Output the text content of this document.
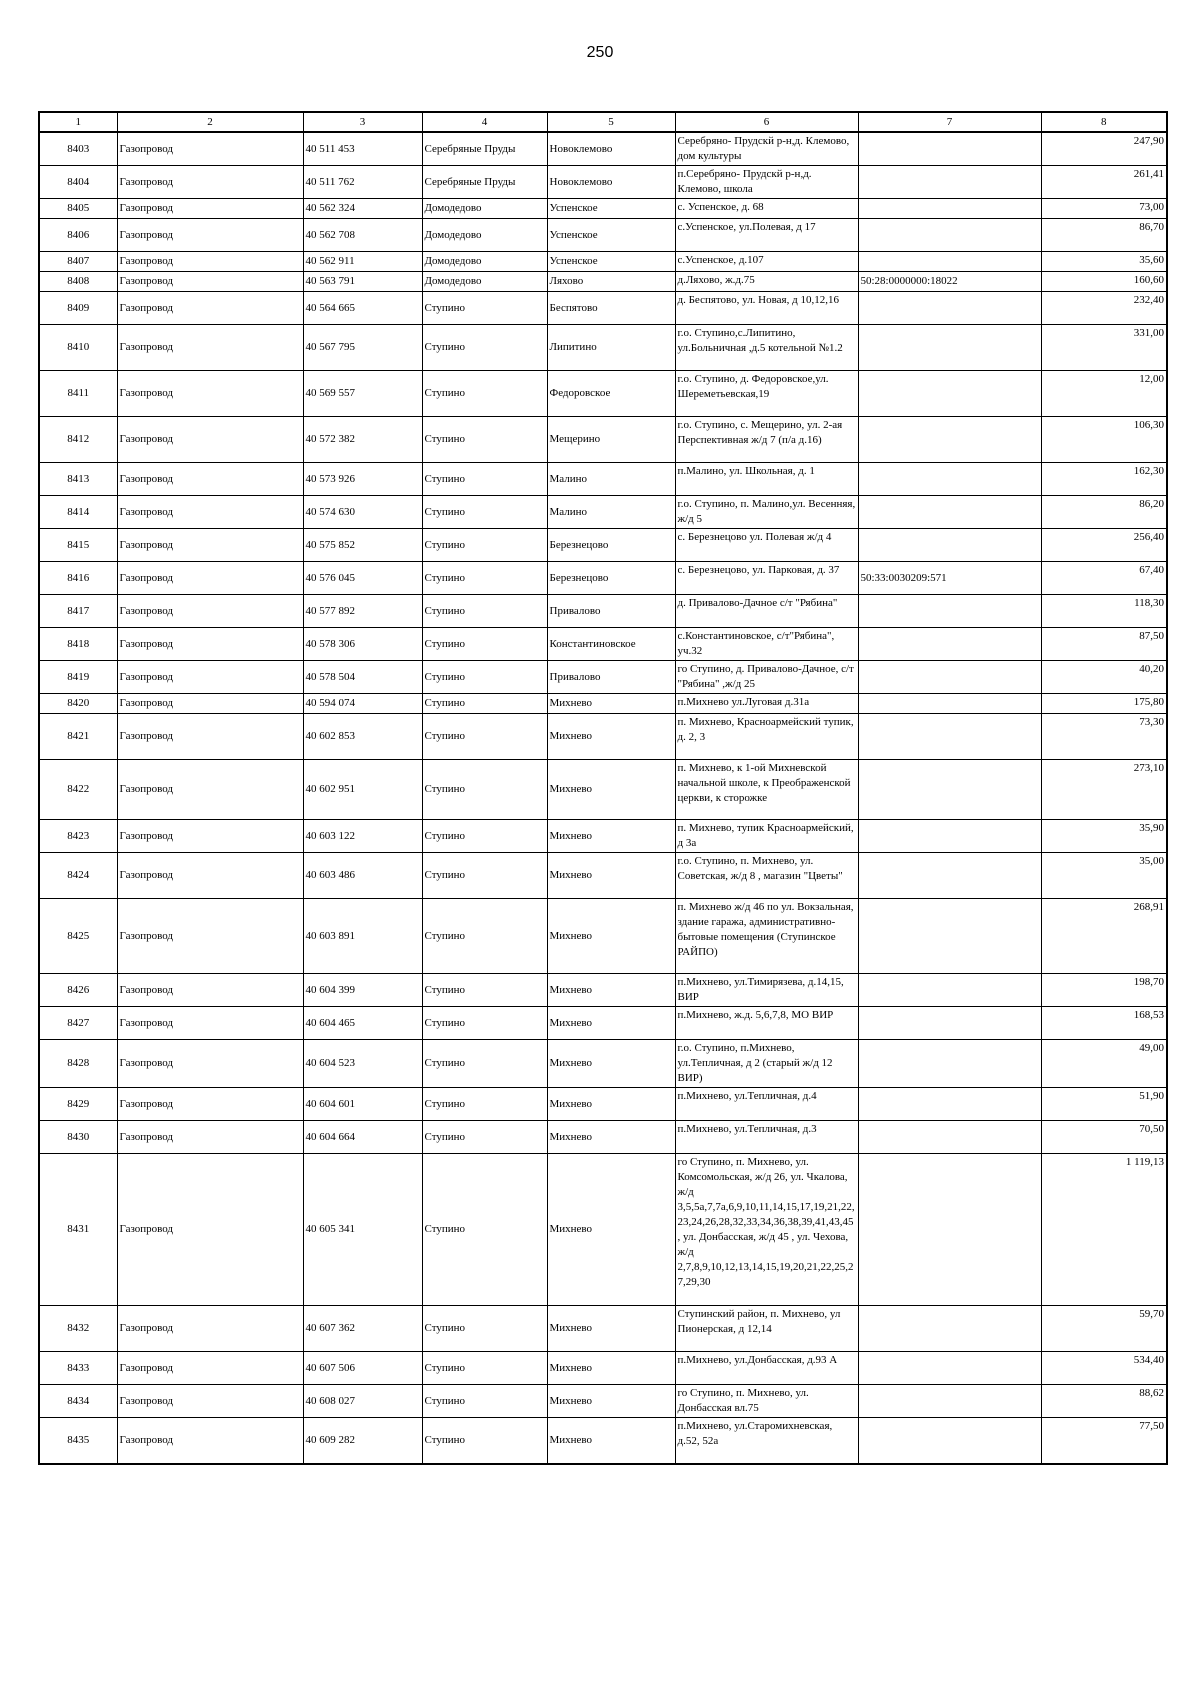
250
1	2	3	4	5	6	7	8
8403	Газопровод	40 511 453	Серебряные Пруды	Новоклемово	Серебряно- Прудскй р-н,д. Клемово, дом культуры		247,90
8404	Газопровод	40 511 762	Серебряные Пруды	Новоклемово	п.Серебряно- Прудскй р-н,д. Клемово, школа		261,41
8405	Газопровод	40 562 324	Домодедово	Успенское	с. Успенское, д. 68		73,00
8406	Газопровод	40 562 708	Домодедово	Успенское	с.Успенское, ул.Полевая, д 17		86,70
8407	Газопровод	40 562 911	Домодедово	Успенское	с.Успенское, д.107		35,60
8408	Газопровод	40 563 791	Домодедово	Ляхово	д.Ляхово, ж.д.75	50:28:0000000:18022	160,60
8409	Газопровод	40 564 665	Ступино	Беспятово	д. Беспятово, ул. Новая, д 10,12,16		232,40
8410	Газопровод	40 567 795	Ступино	Липитино	г.о. Ступино,с.Липитино, ул.Больничная ,д.5 котельной №1.2		331,00
8411	Газопровод	40 569 557	Ступино	Федоровское	г.о. Ступино, д. Федоровское,ул. Шереметьевская,19		12,00
8412	Газопровод	40 572 382	Ступино	Мещерино	г.о. Ступино, с. Мещерино, ул. 2-ая Перспективная ж/д 7 (п/а д.16)		106,30
8413	Газопровод	40 573 926	Ступино	Малино	п.Малино, ул. Школьная, д. 1		162,30
8414	Газопровод	40 574 630	Ступино	Малино	г.о. Ступино, п. Малино,ул. Весенняя, ж/д 5		86,20
8415	Газопровод	40 575 852	Ступино	Березнецово	с. Березнецово ул. Полевая ж/д 4		256,40
8416	Газопровод	40 576 045	Ступино	Березнецово	с. Березнецово, ул. Парковая, д. 37	50:33:0030209:571	67,40
8417	Газопровод	40 577 892	Ступино	Привалово	д. Привалово-Дачное с/т "Рябина"		118,30
8418	Газопровод	40 578 306	Ступино	Константиновское	с.Константиновское, с/т"Рябина", уч.32		87,50
8419	Газопровод	40 578 504	Ступино	Привалово	го Ступино, д. Привалово-Дачное, с/т "Рябина" ,ж/д 25		40,20
8420	Газопровод	40 594 074	Ступино	Михнево	п.Михнево ул.Луговая д.31а		175,80
8421	Газопровод	40 602 853	Ступино	Михнево	п. Михнево, Красноармейский тупик, д. 2, 3		73,30
8422	Газопровод	40 602 951	Ступино	Михнево	п. Михнево, к 1-ой Михневской начальной школе, к Преображенской церкви, к сторожке		273,10
8423	Газопровод	40 603 122	Ступино	Михнево	п. Михнево, тупик Красноармейский, д 3а		35,90
8424	Газопровод	40 603 486	Ступино	Михнево	г.о. Ступино, п. Михнево, ул. Советская, ж/д 8 , магазин "Цветы"		35,00
8425	Газопровод	40 603 891	Ступино	Михнево	п. Михнево ж/д 46 по ул. Вокзальная, здание гаража, административно-бытовые помещения (Ступинское РАЙПО)		268,91
8426	Газопровод	40 604 399	Ступино	Михнево	п.Михнево, ул.Тимирязева, д.14,15, ВИР		198,70
8427	Газопровод	40 604 465	Ступино	Михнево	п.Михнево, ж.д. 5,6,7,8, МО ВИР		168,53
8428	Газопровод	40 604 523	Ступино	Михнево	г.о. Ступино, п.Михнево, ул.Тепличная, д 2 (старый ж/д 12 ВИР)		49,00
8429	Газопровод	40 604 601	Ступино	Михнево	п.Михнево, ул.Тепличная, д.4		51,90
8430	Газопровод	40 604 664	Ступино	Михнево	п.Михнево, ул.Тепличная, д.3		70,50
8431	Газопровод	40 605 341	Ступино	Михнево	го Ступино, п. Михнево, ул. Комсомольская, ж/д 26, ул. Чкалова, ж/д 3,5,5а,7,7а,6,9,10,11,14,15,17,19,21,22,23,24,26,28,32,33,34,36,38,39,41,43,45, ул. Донбасская, ж/д 45 , ул. Чехова, ж/д 2,7,8,9,10,12,13,14,15,19,20,21,22,25,27,29,30		1 119,13
8432	Газопровод	40 607 362	Ступино	Михнево	Ступинский район, п. Михнево, ул Пионерская, д 12,14		59,70
8433	Газопровод	40 607 506	Ступино	Михнево	п.Михнево, ул.Донбасская, д.93 А		534,40
8434	Газопровод	40 608 027	Ступино	Михнево	го Ступино, п. Михнево, ул. Донбасская вл.75		88,62
8435	Газопровод	40 609 282	Ступино	Михнево	п.Михнево, ул.Старомихневская, д.52, 52а		77,50
